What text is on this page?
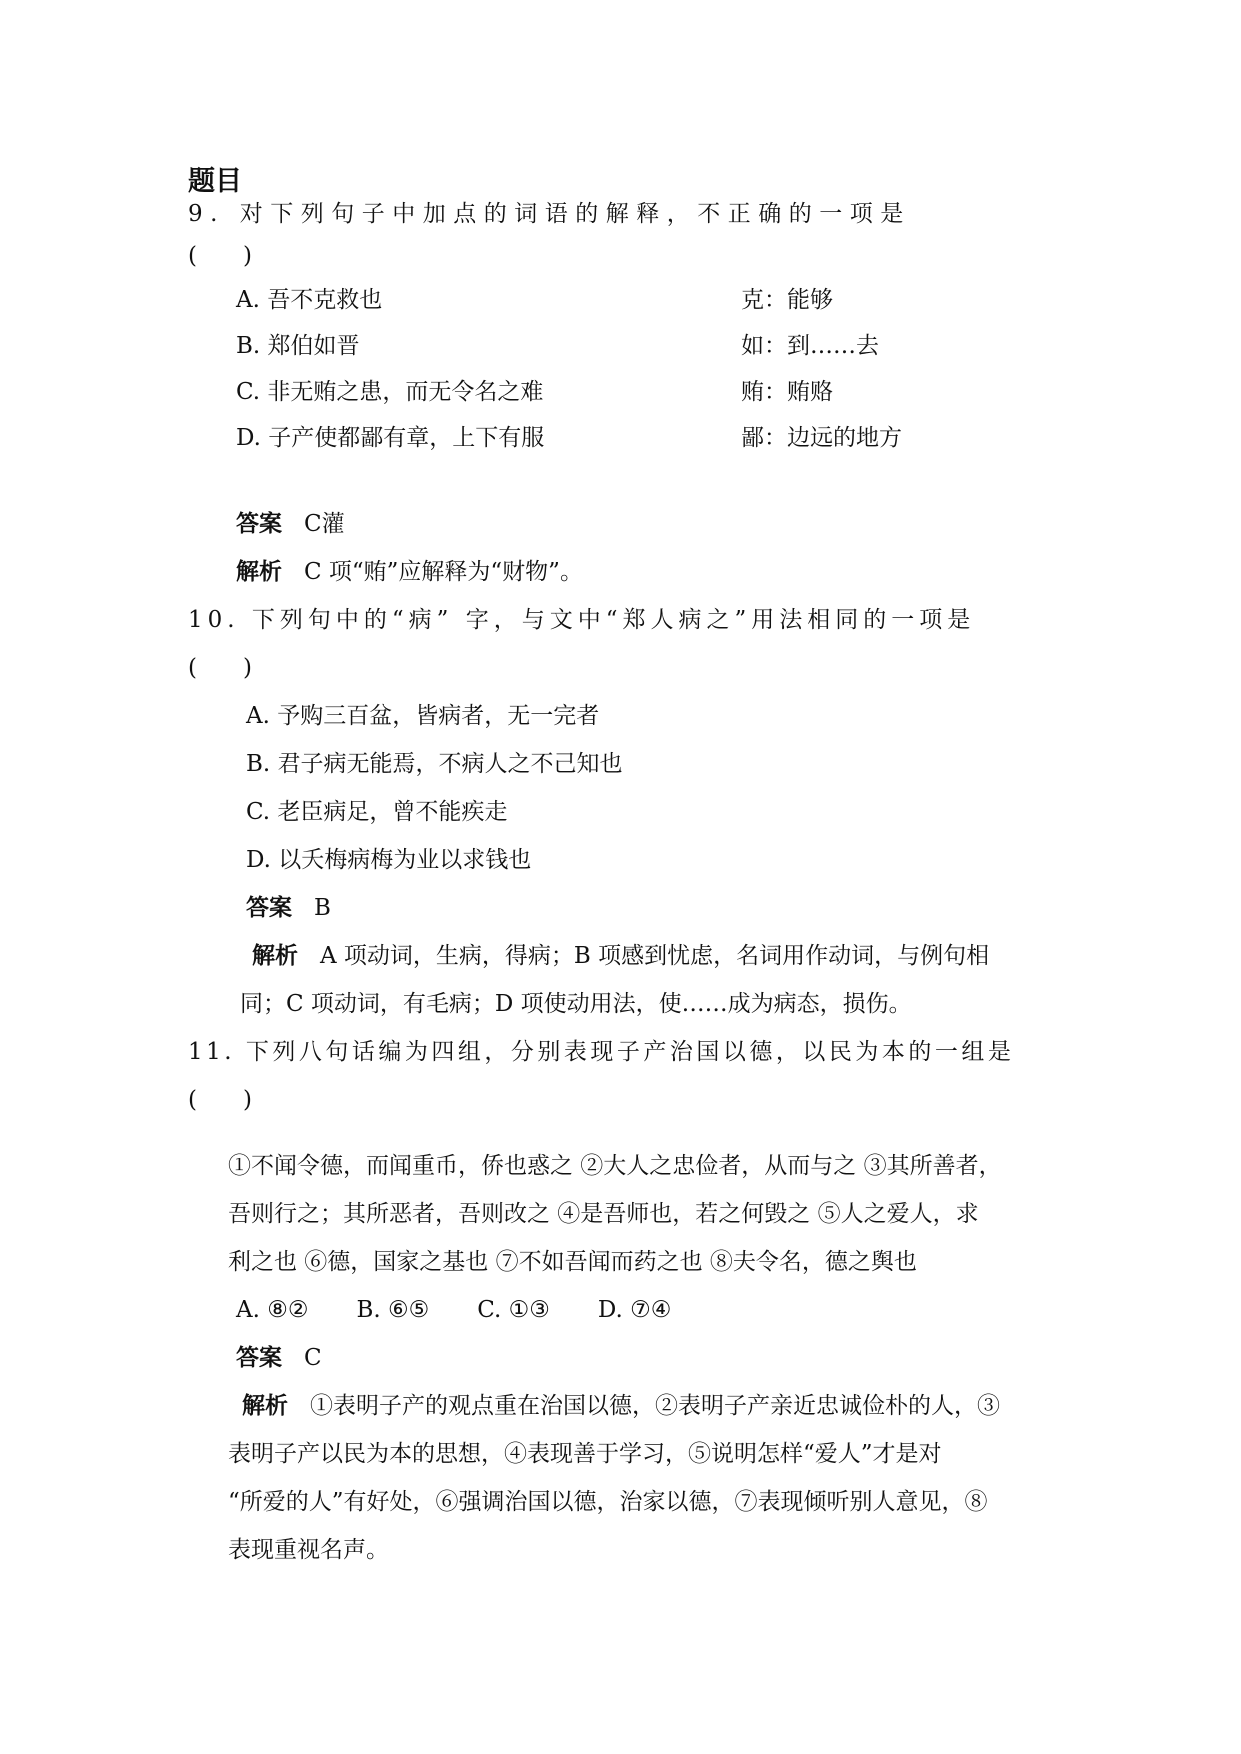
题目
9. 对下列句子中加点的词语的解释，不正确的一项是
(　　)
A. 吾不克救也	克：能够
B. 郑伯如晋	如：到……去
C. 非无贿之患，而无令名之难	贿：贿赂
D. 子产使都鄙有章，上下有服	鄙：边远的地方
答案 C灌
解析 C 项“贿”应解释为“财物”。
10. 下列句中的“病” 字，与文中“郑人病之”用法相同的一项是
(　　)
A. 予购三百盆，皆病者，无一完者
B. 君子病无能焉，不病人之不己知也
C. 老臣病足，曾不能疾走
D. 以夭梅病梅为业以求钱也
答案 B
解析 A 项动词，生病，得病；B 项感到忧虑，名词用作动词，与例句相
同；C 项动词，有毛病；D 项使动用法，使……成为病态，损伤。
11. 下列八句话编为四组，分别表现子产治国以德，以民为本的一组是
(　　)
①不闻令德，而闻重币，侨也惑之 ②大人之忠俭者，从而与之 ③其所善者，
吾则行之；其所恶者，吾则改之 ④是吾师也，若之何毁之 ⑤人之爱人，求
利之也 ⑥德，国家之基也 ⑦不如吾闻而药之也 ⑧夫令名，德之舆也
A. ⑧② B. ⑥⑤ C. ①③ D. ⑦④
答案 C
解析 ①表明子产的观点重在治国以德，②表明子产亲近忠诚俭朴的人，③
表明子产以民为本的思想，④表现善于学习，⑤说明怎样“爱人”才是对
“所爱的人”有好处，⑥强调治国以德，治家以德，⑦表现倾听别人意见，⑧
表现重视名声。
